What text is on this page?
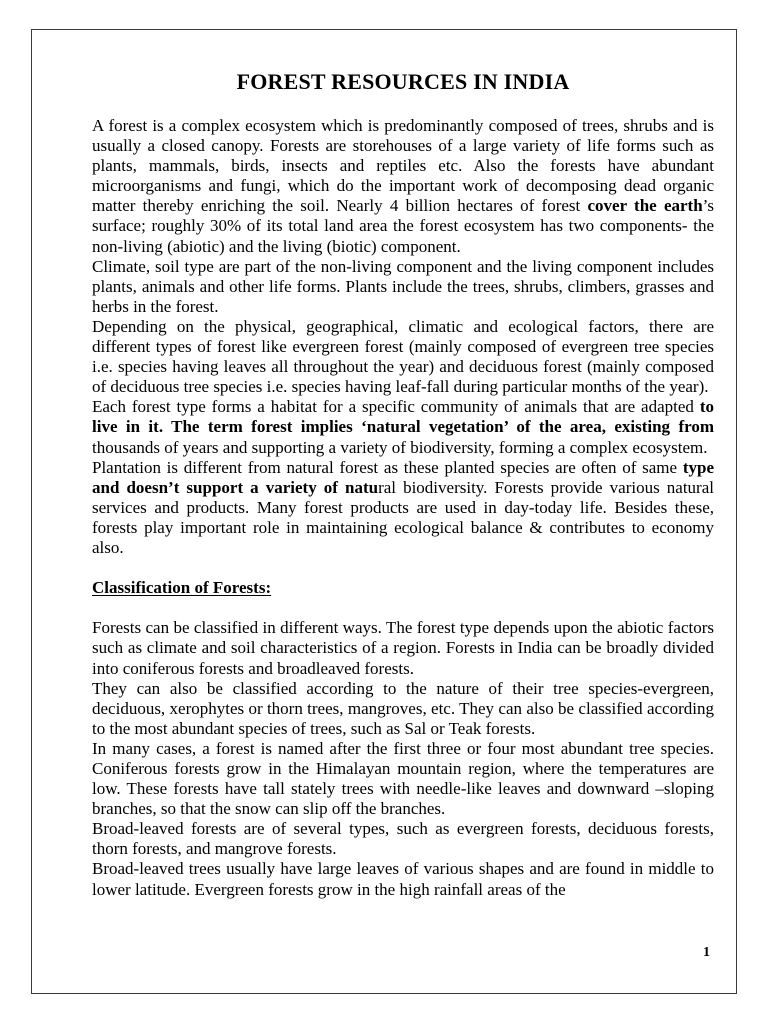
FOREST RESOURCES IN INDIA

A forest is a complex ecosystem which is predominantly composed of trees, shrubs and is usually a closed canopy. Forests are storehouses of a large variety of life forms such as plants, mammals, birds, insects and reptiles etc. Also the forests have abundant microorganisms and fungi, which do the important work of decomposing dead organic matter thereby enriching the soil. Nearly 4 billion hectares of forest cover the earth’s surface; roughly 30% of its total land area the forest ecosystem has two components- the non-living (abiotic) and the living (biotic) component.

Climate, soil type are part of the non-living component and the living component includes plants, animals and other life forms. Plants include the trees, shrubs, climbers, grasses and herbs in the forest.

Depending on the physical, geographical, climatic and ecological factors, there are different types of forest like evergreen forest (mainly composed of evergreen tree species i.e. species having leaves all throughout the year) and deciduous forest (mainly composed of deciduous tree species i.e. species having leaf-fall during particular months of the year).

Each forest type forms a habitat for a specific community of animals that are adapted to live in it. The term forest implies ‘natural vegetation’ of the area, existing from thousands of years and supporting a variety of biodiversity, forming a complex ecosystem.

Plantation is different from natural forest as these planted species are often of same type and doesn’t support a variety of natural biodiversity. Forests provide various natural services and products. Many forest products are used in day-today life. Besides these, forests play important role in maintaining ecological balance & contributes to economy also.

Classification of Forests:

Forests can be classified in different ways. The forest type depends upon the abiotic factors such as climate and soil characteristics of a region. Forests in India can be broadly divided into coniferous forests and broadleaved forests.

They can also be classified according to the nature of their tree species-evergreen, deciduous, xerophytes or thorn trees, mangroves, etc. They can also be classified according to the most abundant species of trees, such as Sal or Teak forests.

In many cases, a forest is named after the first three or four most abundant tree species. Coniferous forests grow in the Himalayan mountain region, where the temperatures are low. These forests have tall stately trees with needle-like leaves and downward –sloping branches, so that the snow can slip off the branches.

Broad-leaved forests are of several types, such as evergreen forests, deciduous forests, thorn forests, and mangrove forests.

Broad-leaved trees usually have large leaves of various shapes and are found in middle to lower latitude. Evergreen forests grow in the high rainfall areas of the

1
